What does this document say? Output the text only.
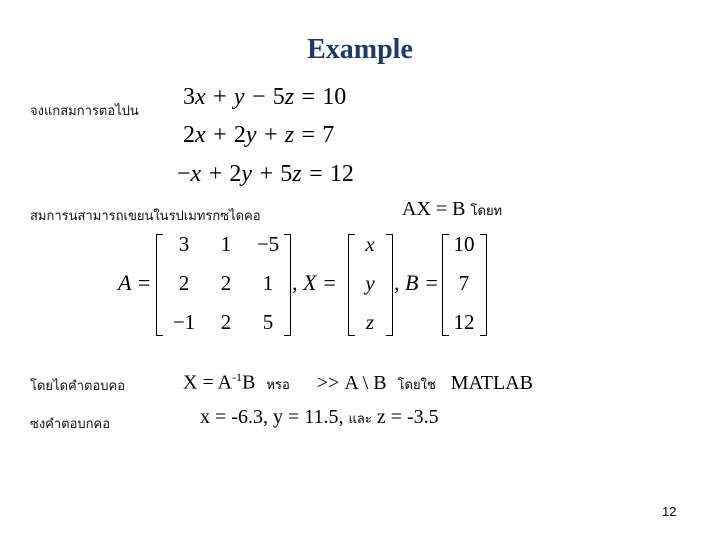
Example
จงแกสมการตอไปน
3x + y − 5z = 10
2x + 2y + z = 7
−x + 2y + 5z = 12
สมการนสามารถเขยนในรปเมทรกซไดคอ	AX = B โดยท
A =
3	1	−5
2	2	1
−1	2	5
, X =
x
y
z
, B =
10
7
12
โดยไดคำตอบคอ	$X = A^{-1}B$ หรอ >> A \ B โดยใช MATLAB
ซงคำตอบกคอ	x = -6.3, y = 11.5, และ z = -3.5
12
